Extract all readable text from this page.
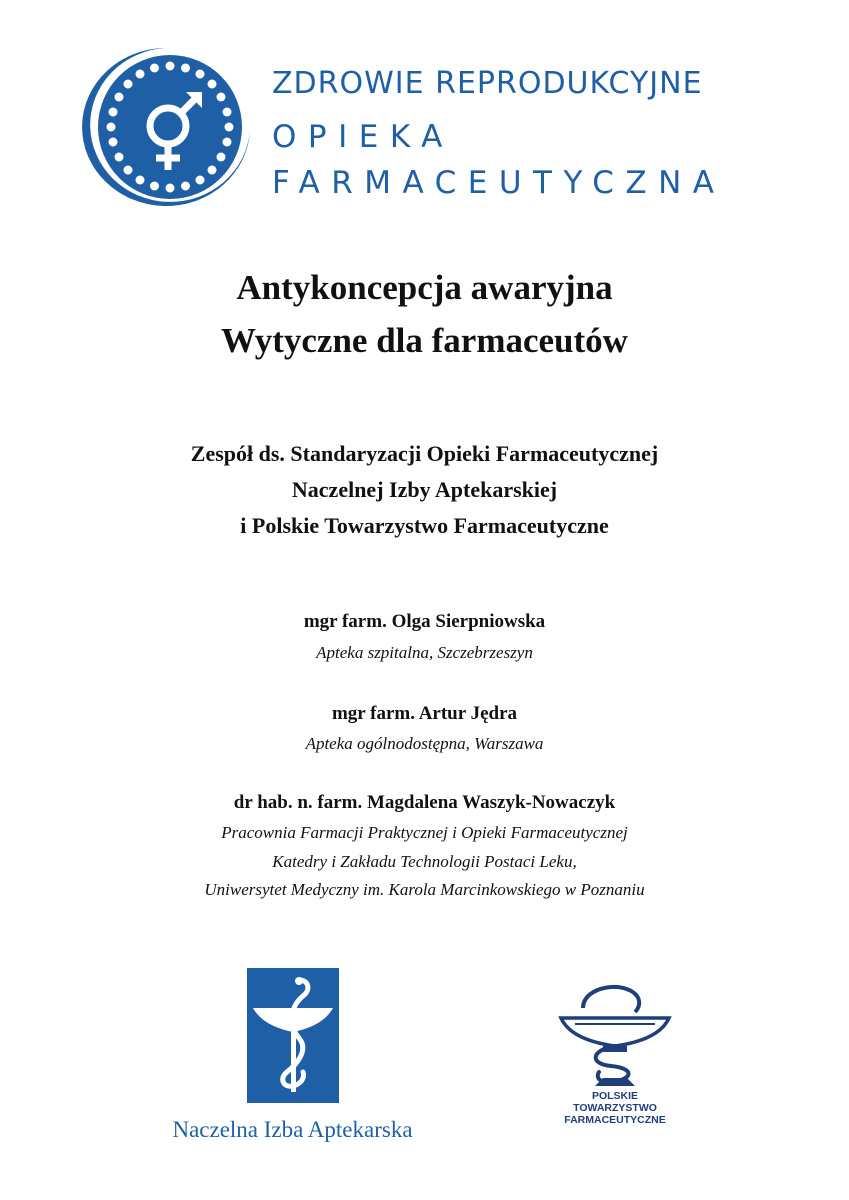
ZDROWIE REPRODUKCYJNE
OPIEKA
FARMACEUTYCZNA
Antykoncepcja awaryjna
Wytyczne dla farmaceutów
Zespół ds. Standaryzacji Opieki Farmaceutycznej
Naczelnej Izby Aptekarskiej
i Polskie Towarzystwo Farmaceutyczne
mgr farm. Olga Sierpniowska
Apteka szpitalna, Szczebrzeszyn
mgr farm. Artur Jędra
Apteka ogólnodostępna, Warszawa
dr hab. n. farm. Magdalena Waszyk-Nowaczyk
Pracownia Farmacji Praktycznej i Opieki Farmaceutycznej
Katedry i Zakładu Technologii Postaci Leku,
Uniwersytet Medyczny im. Karola Marcinkowskiego w Poznaniu
Naczelna Izba Aptekarska
POLSKIE
TOWARZYSTWO
FARMACEUTYCZNE
